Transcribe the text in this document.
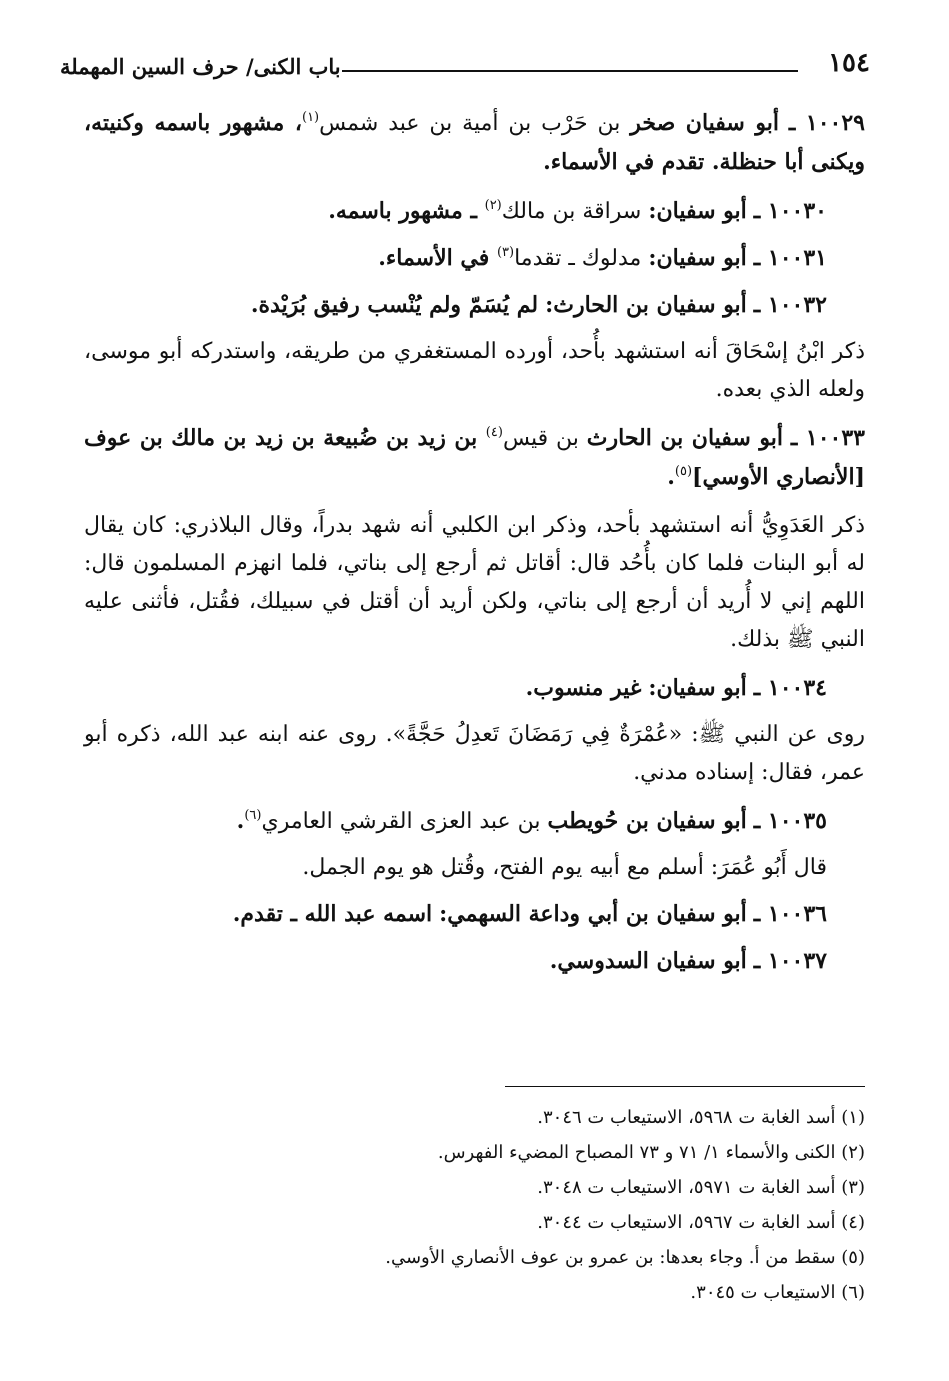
باب الكنى/ حرف السين المهملة	١٥٤

١٠٠٢٩ ـ أبو سفيان صخر بن حَرْب بن أمية بن عبد شمس$^{(١)}$، مشهور باسمه وكنيته، ويكنى أبا حنظلة. تقدم في الأسماء.

١٠٠٣٠ ـ أبو سفيان: سراقة بن مالك$^{(٢)}$ ـ مشهور باسمه.

١٠٠٣١ ـ أبو سفيان: مدلوك ـ تقدما$^{(٣)}$ في الأسماء.

١٠٠٣٢ ـ أبو سفيان بن الحارث: لم يُسَمّ ولم يُنْسب رفيق بُرَيْدة.

ذكر ابْنُ إسْحَاقَ أنه استشهد بأُحد، أورده المستغفري من طريقه، واستدركه أبو موسى، ولعله الذي بعده.

١٠٠٣٣ ـ أبو سفيان بن الحارث بن قيس$^{(٤)}$ بن زيد بن ضُبيعة بن زيد بن مالك بن عوف [الأنصاري الأوسي]$^{(٥)}$.

ذكر العَدَوِيُّ أنه استشهد بأحد، وذكر ابن الكلبي أنه شهد بدراً، وقال البلاذري: كان يقال له أبو البنات فلما كان بأُحُد قال: أقاتل ثم أرجع إلى بناتي، فلما انهزم المسلمون قال: اللهم إني لا أُريد أن أرجع إلى بناتي، ولكن أريد أن أقتل في سبيلك، فقُتل، فأثنى عليه النبي ﷺ بذلك.

١٠٠٣٤ ـ أبو سفيان: غير منسوب.

روى عن النبي ﷺ: «عُمْرَةٌ فِي رَمَضَانَ تَعدِلُ حَجَّةً». روى عنه ابنه عبد الله، ذكره أبو عمر، فقال: إسناده مدني.

١٠٠٣٥ ـ أبو سفيان بن حُويطب بن عبد العزى القرشي العامري$^{(٦)}$.

قال أَبُو عُمَرَ: أسلم مع أبيه يوم الفتح، وقُتل هو يوم الجمل.

١٠٠٣٦ ـ أبو سفيان بن أبي وداعة السهمي: اسمه عبد الله ـ تقدم.

١٠٠٣٧ ـ أبو سفيان السدوسي.

(١) أسد الغابة ت ٥٩٦٨، الاستيعاب ت ٣٠٤٦.
(٢) الكنى والأسماء ١/ ٧١ و ٧٣ المصباح المضيء الفهرس.
(٣) أسد الغابة ت ٥٩٧١، الاستيعاب ت ٣٠٤٨.
(٤) أسد الغابة ت ٥٩٦٧، الاستيعاب ت ٣٠٤٤.
(٥) سقط من أ. وجاء بعدها: بن عمرو بن عوف الأنصاري الأوسي.
(٦) الاستيعاب ت ٣٠٤٥.
